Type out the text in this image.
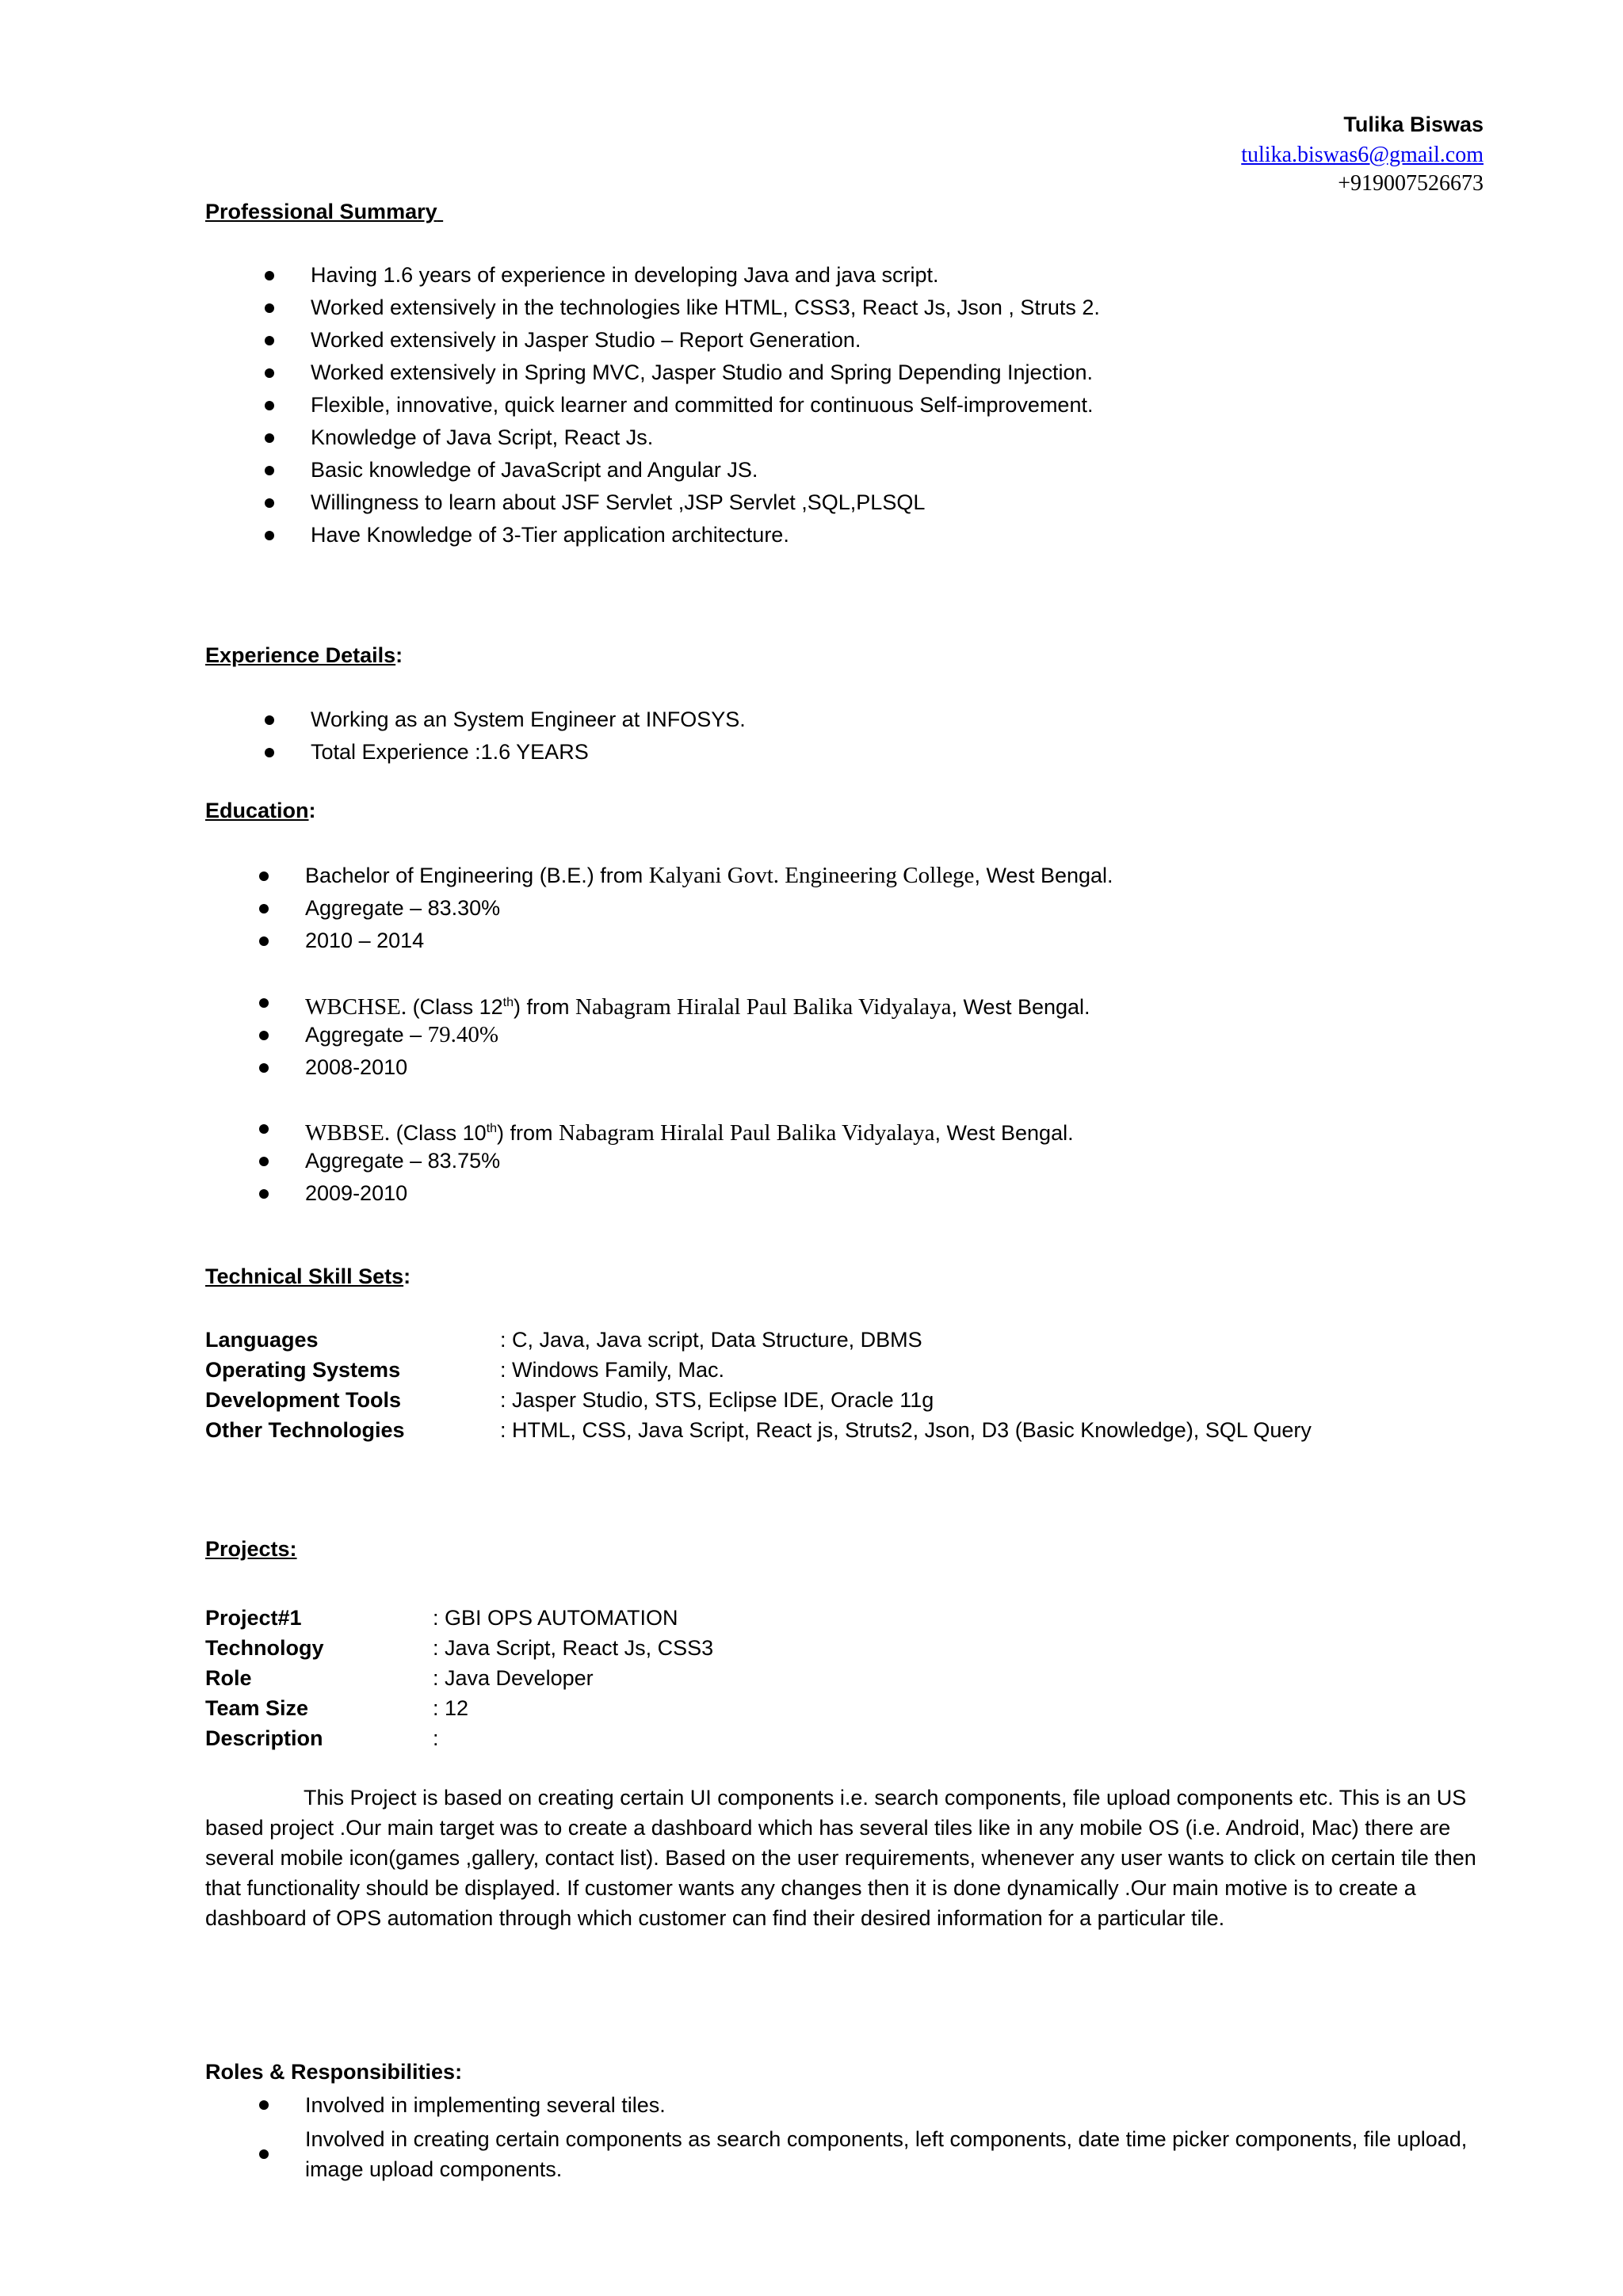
Tulika Biswas
tulika.biswas6@gmail.com
+919007526673
Professional Summary
Having 1.6 years of experience in developing Java and java script.
Worked extensively in the technologies like HTML, CSS3, React Js, Json , Struts 2.
Worked extensively in Jasper Studio – Report Generation.
Worked extensively in Spring MVC, Jasper Studio and Spring Depending Injection.
Flexible, innovative, quick learner and committed for continuous Self-improvement.
Knowledge of Java Script, React Js.
Basic knowledge of JavaScript and Angular JS.
Willingness to learn about JSF Servlet ,JSP Servlet ,SQL,PLSQL
Have Knowledge of 3-Tier application architecture.
Experience Details:
Working as an System Engineer at INFOSYS.
Total Experience :1.6 YEARS
Education:
Bachelor of Engineering (B.E.) from Kalyani Govt. Engineering College, West Bengal.
Aggregate – 83.30%
2010 – 2014
WBCHSE. (Class 12th) from Nabagram Hiralal Paul Balika Vidyalaya, West Bengal.
Aggregate – 79.40%
2008-2010
WBBSE. (Class 10th) from Nabagram Hiralal Paul Balika Vidyalaya, West Bengal.
Aggregate – 83.75%
2009-2010
Technical Skill Sets:
Languages	: C, Java, Java script, Data Structure, DBMS
Operating Systems	: Windows Family, Mac.
Development Tools	: Jasper Studio, STS, Eclipse IDE, Oracle 11g
Other Technologies	: HTML, CSS, Java Script, React js, Struts2, Json, D3 (Basic Knowledge), SQL Query
Projects:
Project#1	: GBI OPS AUTOMATION
Technology	: Java Script, React Js, CSS3
Role	: Java Developer
Team Size	: 12
Description	:
This Project is based on creating certain UI components i.e. search components, file upload components etc. This is an US based project .Our main target was to create a dashboard which has several tiles like in any mobile OS (i.e. Android, Mac) there are several mobile icon(games ,gallery, contact list). Based on the user requirements, whenever any user wants to click on certain tile then that functionality should be displayed. If customer wants any changes then it is done dynamically .Our main motive is to create a dashboard of OPS automation through which customer can find their desired information for a particular tile.
Roles & Responsibilities:
Involved in implementing several tiles.
Involved in creating certain components as search components, left components, date time picker components, file upload, image upload components.
